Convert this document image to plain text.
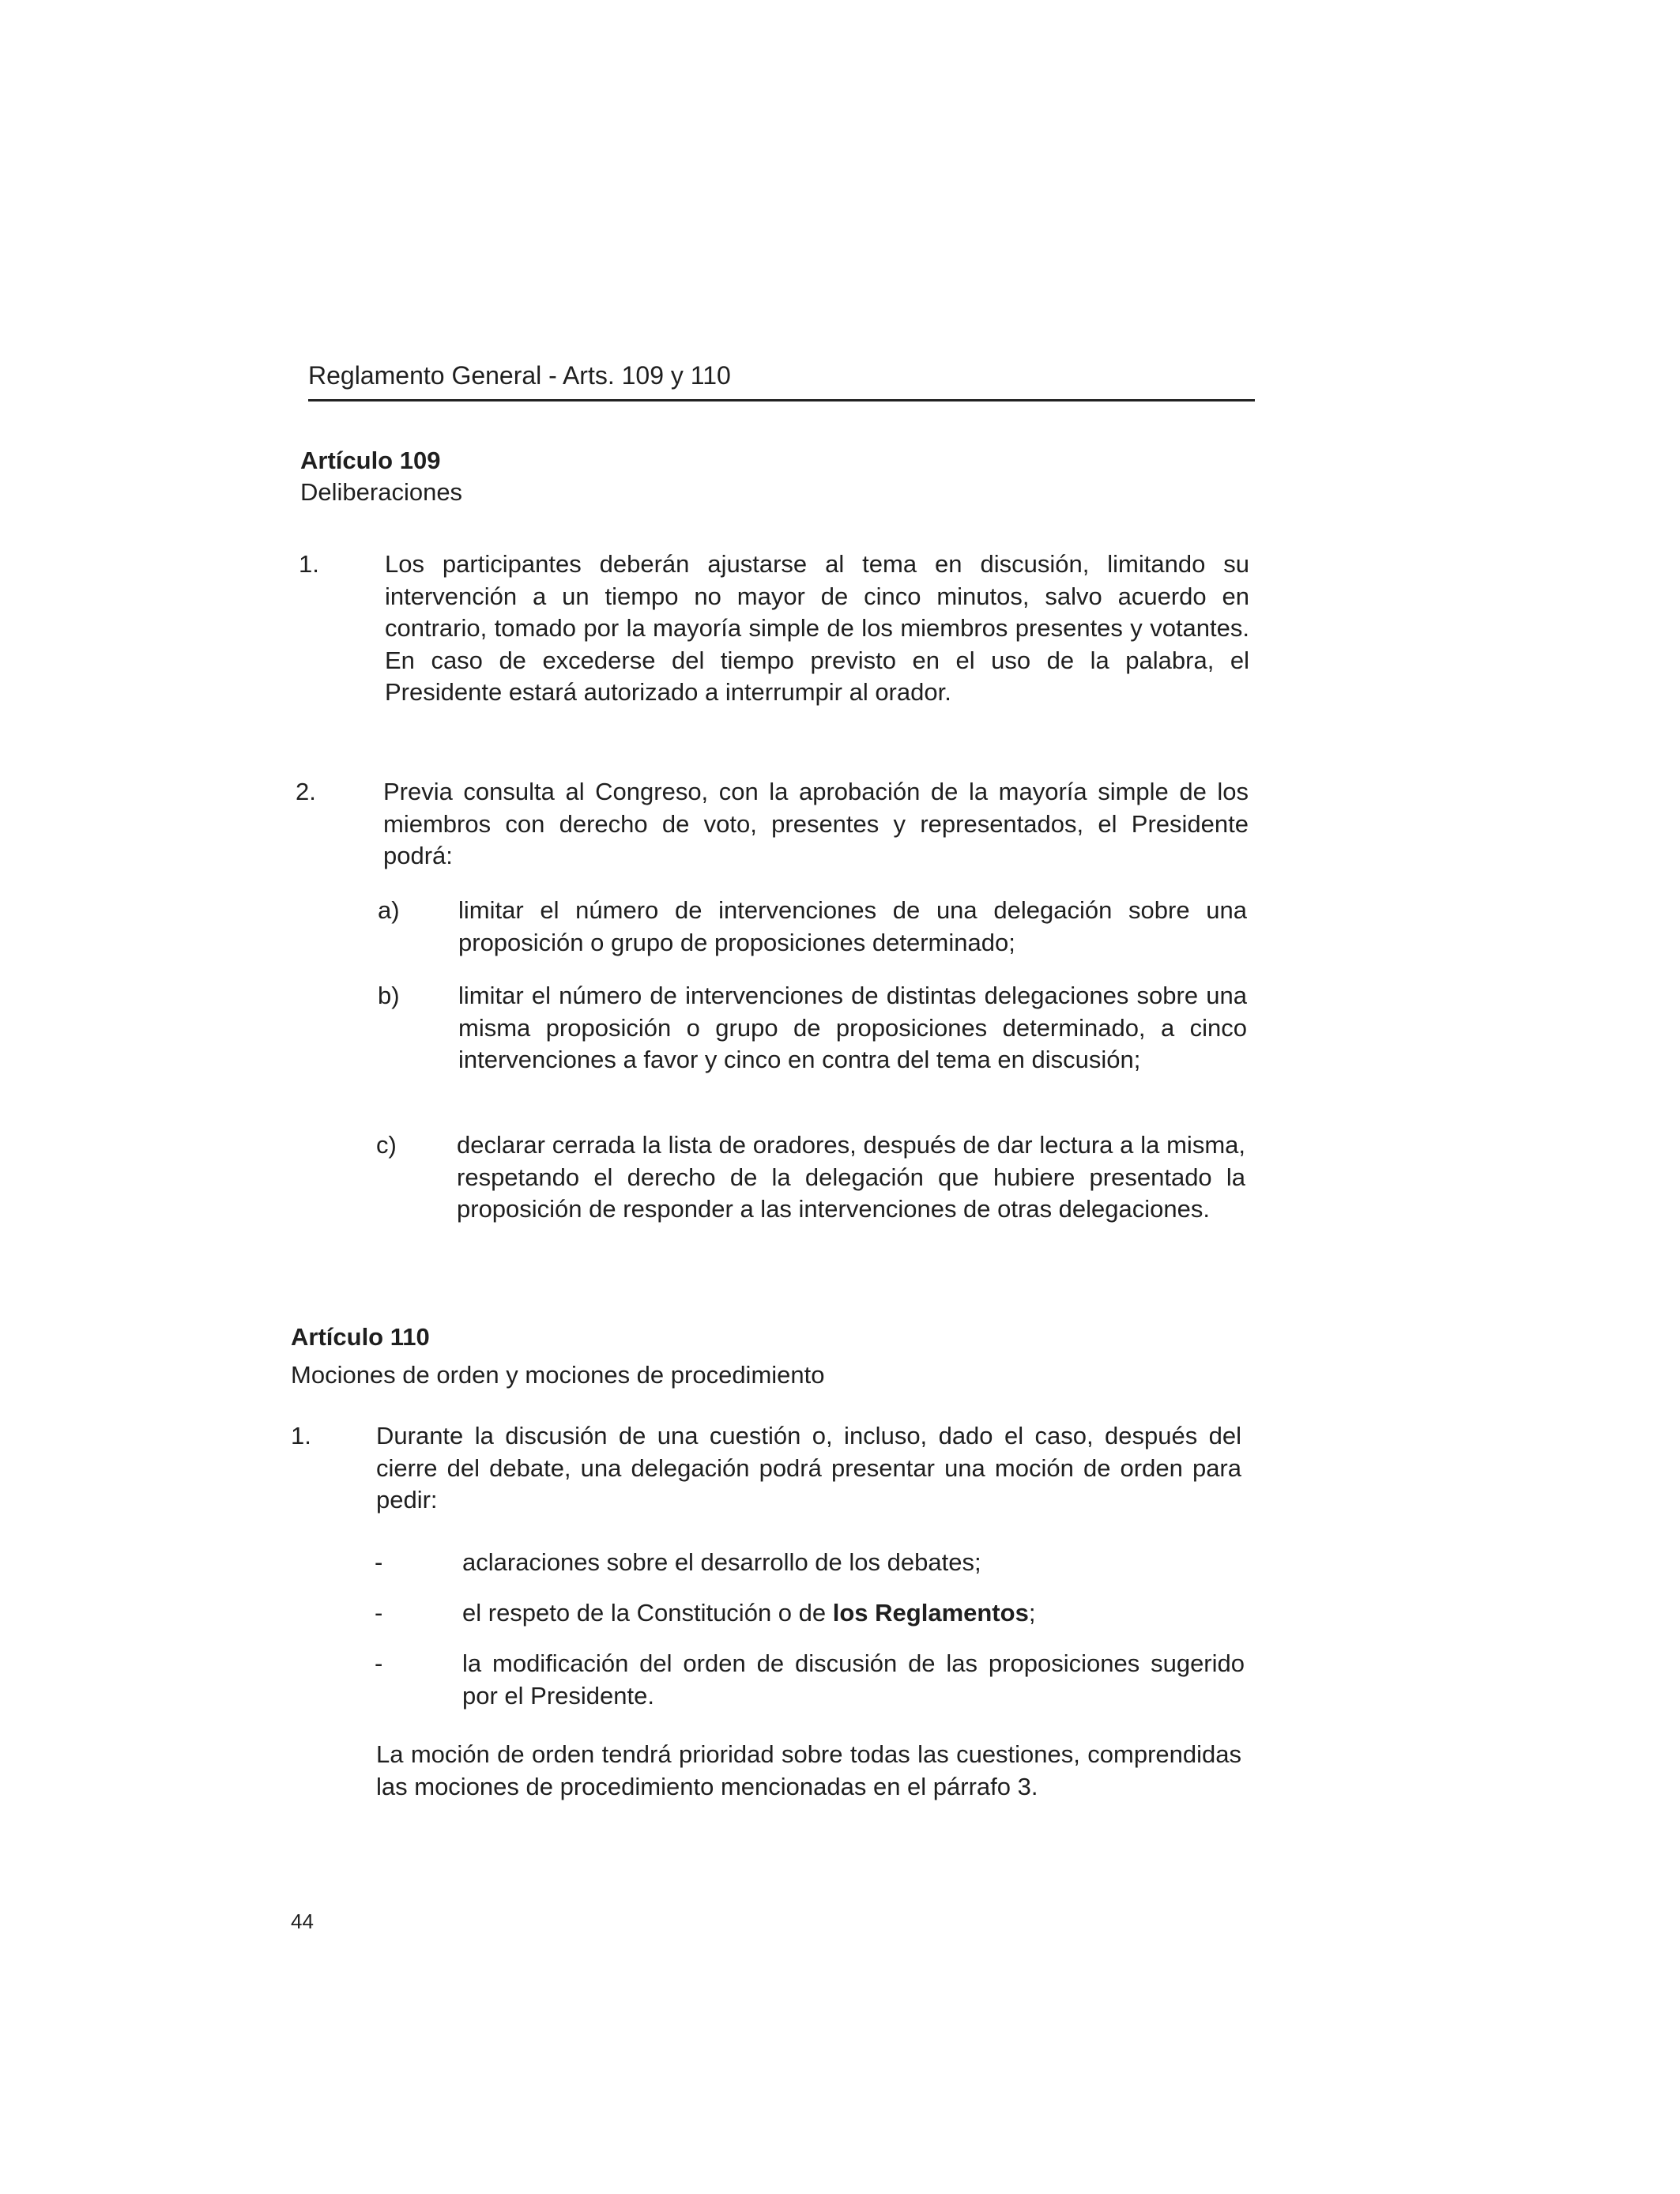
Reglamento General - Arts. 109 y 110
Artículo 109
Deliberaciones
1.	Los participantes deberán ajustarse al tema en discusión, limitando su intervención a un tiempo no mayor de cinco minutos, salvo acuerdo en contrario, tomado por la mayoría simple de los miembros presentes y votantes. En caso de excederse del tiempo previsto en el uso de la palabra, el Presidente estará autorizado a interrumpir al orador.
2.	Previa consulta al Congreso, con la aprobación de la mayoría simple de los miembros con derecho de voto, presentes y representados, el Presidente podrá:
a) limitar el número de intervenciones de una delegación sobre una proposición o grupo de proposiciones determinado;
b) limitar el número de intervenciones de distintas delegaciones sobre una misma proposición o grupo de proposiciones determinado, a cinco intervenciones a favor y cinco en contra del tema en discusión;
c) declarar cerrada la lista de oradores, después de dar lectura a la misma, respetando el derecho de la delegación que hubiere presentado la proposición de responder a las intervenciones de otras delegaciones.
Artículo 110
Mociones de orden y mociones de procedimiento
1.	Durante la discusión de una cuestión o, incluso, dado el caso, después del cierre del debate, una delegación podrá presentar una moción de orden para pedir:
-	aclaraciones sobre el desarrollo de los debates;
-	el respeto de la Constitución o de los Reglamentos;
-	la modificación del orden de discusión de las proposiciones sugerido por el Presidente.
La moción de orden tendrá prioridad sobre todas las cuestiones, comprendidas las mociones de procedimiento mencionadas en el párrafo 3.
44
